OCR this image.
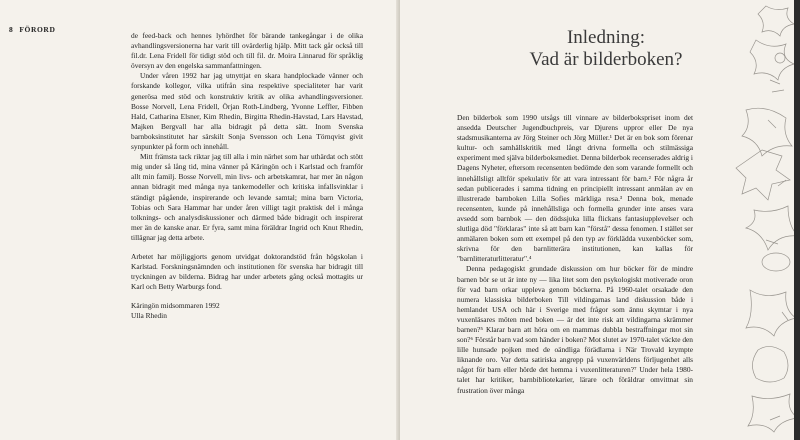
8 FÖRORD

de feed-back och hennes lyhördhet för bärande tankegångar i de olika avhandlingsversionerna har varit till ovärderlig hjälp. Mitt tack går också till fil.dr. Lena Fridell för tidigt stöd och till fil. dr. Moira Linnarud för språklig översyn av den engelska sammanfattningen.

Under våren 1992 har jag utnyttjat en skara handplockade vänner och forskande kollegor, vilka utifrån sina respektive specialiteter har varit generösa med stöd och konstruktiv kritik av olika avhandlingsversioner. Bosse Norvell, Lena Fridell, Örjan Roth-Lindberg, Yvonne Leffler, Fibben Hald, Catharina Elsner, Kim Rhedin, Birgitta Rhedin-Havstad, Lars Havstad, Majken Bergvall har alla bidragit på detta sätt. Inom Svenska barnboksinstitutet har särskilt Sonja Svensson och Lena Törnqvist givit synpunkter på form och innehåll.

Mitt främsta tack riktar jag till alla i min närhet som har uthärdat och stött mig under så lång tid, mina vänner på Käringön och i Karlstad och framför allt min familj. Bosse Norvell, min livs- och arbetskamrat, har mer än någon annan bidragit med många nya tankemodeller och kritiska infallsvinklar i ständigt pågående, inspirerande och levande samtal; mina barn Victoria, Tobias och Sara Hammar har under åren villigt tagit praktisk del i många tolknings- och analysdiskussioner och därmed både bidragit och inspirerat mer än de kanske anar. Er fyra, samt mina föräldrar Ingrid och Knut Rhedin, tillägnar jag detta arbete.

Arbetet har möjliggjorts genom utvidgat doktorandstöd från högskolan i Karlstad. Forskningsnämnden och institutionen för svenska har bidragit till tryckningen av bilderna. Bidrag har under arbetets gång också mottagits ur Karl och Betty Warburgs fond.

Käringön midsommaren 1992

Ulla Rhedin

Inledning:
Vad är bilderboken?

Den bilderbok som 1990 utsågs till vinnare av bilderbokspriset inom det ansedda Deutscher Jugendbuchpreis, var Djurens uppror eller De nya stadsmusikanterna av Jörg Steiner och Jörg Müller.¹ Det är en bok som förenar kultur- och samhällskritik med långt drivna formella och stilmässiga experiment med själva bilderboksmediet. Denna bilderbok recenserades aldrig i Dagens Nyheter, eftersom recensenten bedömde den som varande formellt och innehållsligt alltför spekulativ för att vara intressant för barn.² För några år sedan publicerades i samma tidning en principiellt intressant anmälan av en illustrerade barnboken Lilla Sofies märkliga resa.³ Denna bok, menade recensenten, kunde på innehållsliga och formella grunder inte anses vara avsedd som barnbok — den dödssjuka lilla flickans fantasiupplevelser och slutliga död "förklaras" inte så att barn kan "förstå" dessa fenomen. I stället ser anmälaren boken som ett exempel på den typ av förklädda vuxenböcker som, skrivna för den barnlitterära institutionen, kan kallas för "barnlitteraturlitteratur".⁴

Denna pedagogiskt grundade diskussion om hur böcker för de mindre barnen bör se ut är inte ny — lika litet som den psykologiskt motiverade oron för vad barn orkar uppleva genom böckerna. På 1960-talet orsakade den numera klassiska bilderboken Till vildingarnas land diskussion både i hemlandet USA och här i Sverige med frågor som ännu skymtar i nya vuxenläsares möten med boken — är det inte risk att vildingarna skrämmer barnen?⁵ Klarar barn att höra om en mammas dubbla bestraffningar mot sin son?⁶ Förstår barn vad som händer i boken? Mot slutet av 1970-talet väckte den lille hunsade pojken med de oändliga förädlarna i När Trovald krympte liknande oro. Var detta satiriska angrepp på vuxenvärldens förljugenhet alls något för barn eller hörde det hemma i vuxenlitteraturen?⁷ Under hela 1980-talet har kritiker, barnbibliotekarier, lärare och föräldrar omvittnat sin frustration över många
